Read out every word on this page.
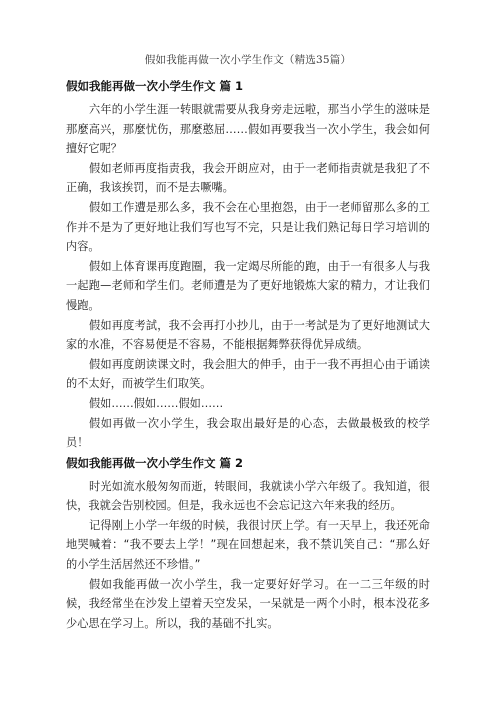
假如我能再做一次小学生作文（精选35篇）
假如我能再做一次小学生作文 篇 1

六年的小学生涯一转眼就需要从我身旁走远啦，那当小学生的滋味是那麼高兴，那麼忧伤，那麼憨屈……假如再要我当一次小学生，我会如何擅好它呢？

假如老师再度指责我，我会开朗应对，由于一老师指责就是我犯了不正确，我该挨罚，而不是去噘嘴。

假如工作遭是那么多，我不会在心里抱怨，由于一老师留那么多的工作并不是为了更好地让我们写也写不完，只是让我们熟记每日学习培训的内容。

假如上体育课再度跑圈，我一定竭尽所能的跑，由于一有很多人与我一起跑—老师和学生们。老师遭是为了更好地锻炼大家的精力，才让我们慢跑。

假如再度考試，我不会再打小抄儿，由于一考試是为了更好地测试大家的水准，不容易便是不容易，不能根据舞弊获得优异成绩。

假如再度朗读课文时，我会胆大的伸手，由于一我不再担心由于诵读的不太好，而被学生们取笑。

假如……假如……假如……

假如再做一次小学生，我会取出最好是的心态，去做最极致的校学员！

假如我能再做一次小学生作文 篇 2

时光如流水般匆匆而逝，转眼间，我就读小学六年级了。我知道，很快，我就会告别校园。但是，我永远也不会忘记这六年来我的经历。

记得刚上小学一年级的时候，我很讨厌上学。有一天早上，我还死命地哭喊着：“我不要去上学！”现在回想起来，我不禁讥笑自己：“那么好的小学生活居然还不珍惜。”

假如我能再做一次小学生，我一定要好好学习。在一二三年级的时候，我经常坐在沙发上望着天空发呆，一呆就是一两个小时，根本没花多少心思在学习上。所以，我的基础不扎实。
